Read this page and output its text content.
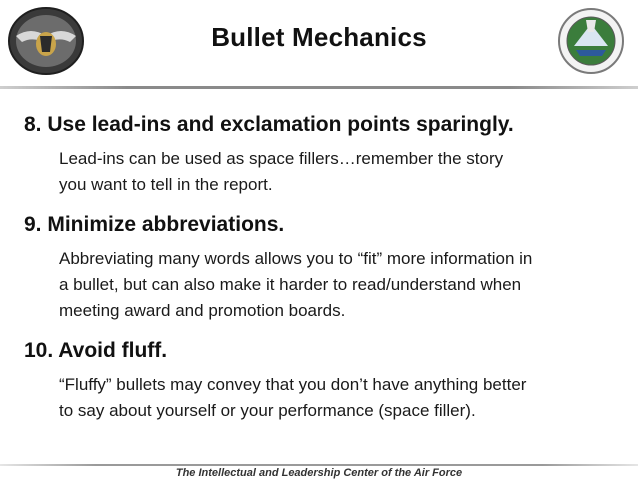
Bullet Mechanics
8. Use lead-ins and exclamation points sparingly.
Lead-ins can be used as space fillers…remember the story
you want to tell in the report.
9. Minimize abbreviations.
Abbreviating many words allows you to “fit” more information in
a bullet, but can also make it harder to read/understand when
meeting award and promotion boards.
10. Avoid fluff.
“Fluffy” bullets may convey that you don’t have anything better
to say about yourself or your performance (space filler).
The Intellectual and Leadership Center of the Air Force
